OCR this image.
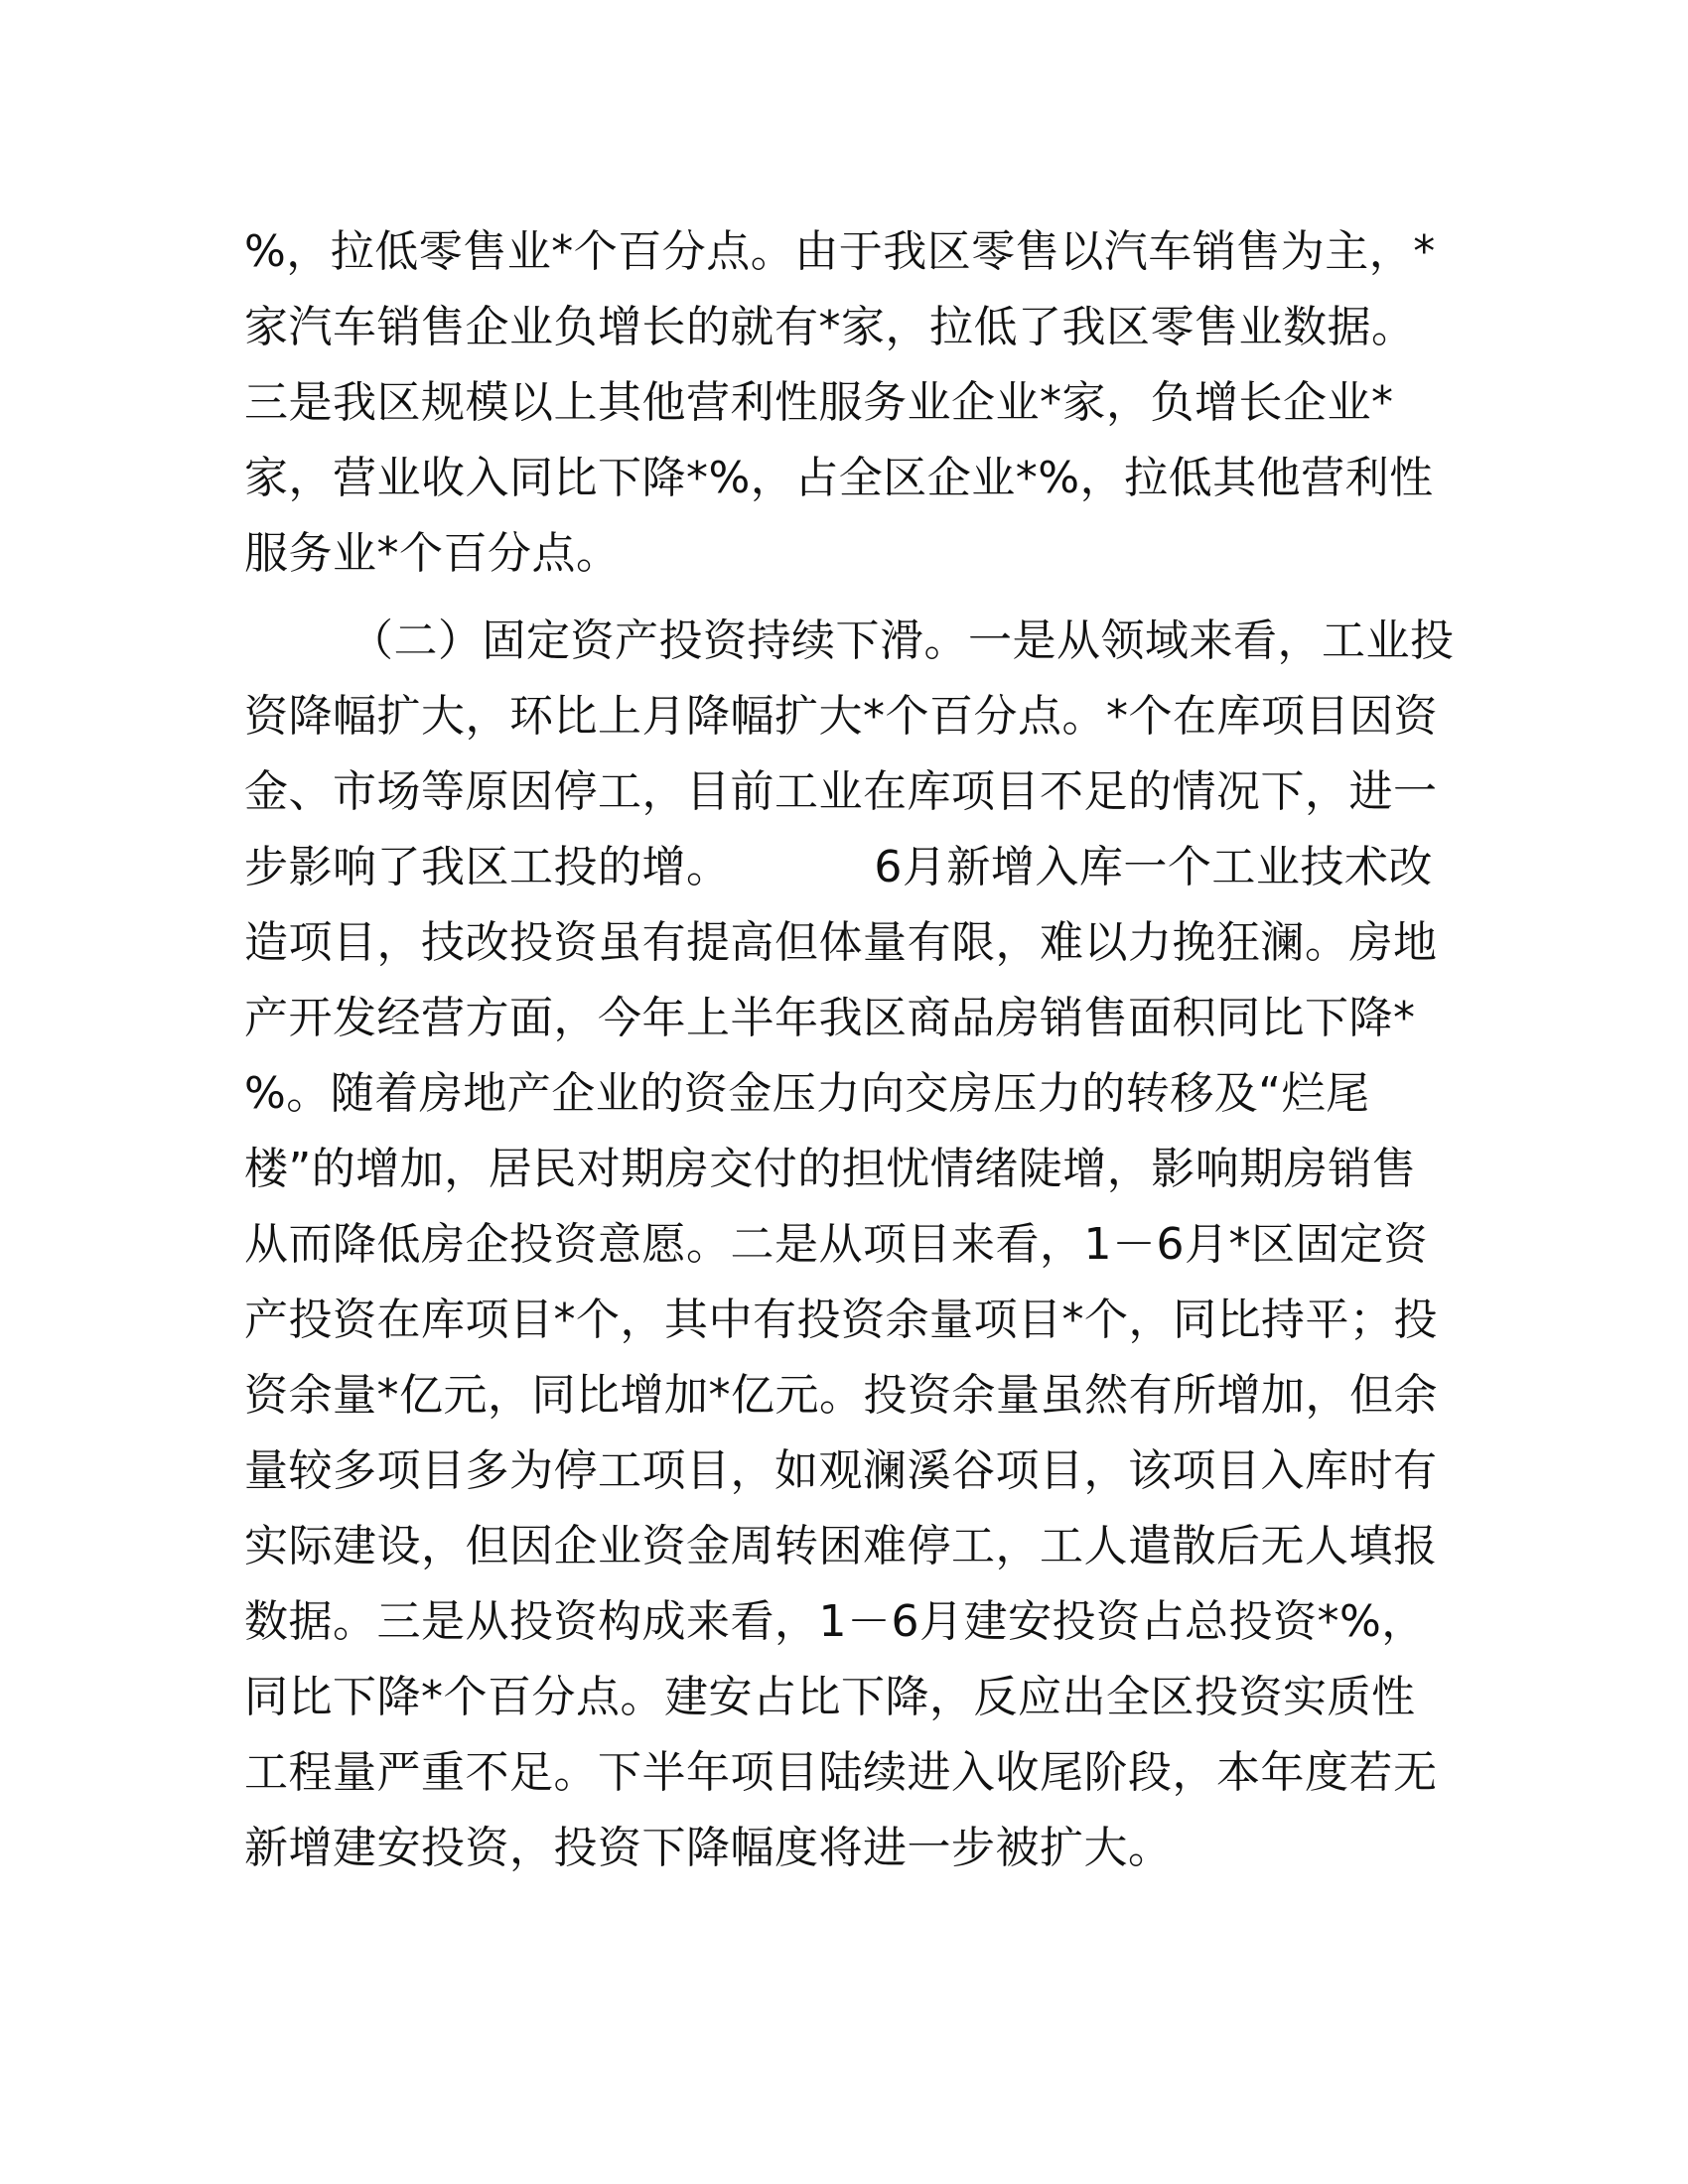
%，拉低零售业*个百分点。由于我区零售以汽车销售为主，*
家汽车销售企业负增长的就有*家，拉低了我区零售业数据。
三是我区规模以上其他营利性服务业企业*家，负增长企业*
家，营业收入同比下降*%，占全区企业*%，拉低其他营利性
服务业*个百分点。
（二）固定资产投资持续下滑。一是从领域来看，工业投
资降幅扩大，环比上月降幅扩大*个百分点。*个在库项目因资
金、市场等原因停工，目前工业在库项目不足的情况下，进一
步影响了我区工投的增。          6月新增入库一个工业技术改
造项目，技改投资虽有提高但体量有限，难以力挽狂澜。房地
产开发经营方面，今年上半年我区商品房销售面积同比下降*
%。随着房地产企业的资金压力向交房压力的转移及“烂尾
楼”的增加，居民对期房交付的担忧情绪陡增，影响期房销售
从而降低房企投资意愿。二是从项目来看，1－6月*区固定资
产投资在库项目*个，其中有投资余量项目*个，同比持平；投
资余量*亿元，同比增加*亿元。投资余量虽然有所增加，但余
量较多项目多为停工项目，如观澜溪谷项目，该项目入库时有
实际建设，但因企业资金周转困难停工，工人遣散后无人填报
数据。三是从投资构成来看，1－6月建安投资占总投资*%，
同比下降*个百分点。建安占比下降，反应出全区投资实质性
工程量严重不足。下半年项目陆续进入收尾阶段，本年度若无
新增建安投资，投资下降幅度将进一步被扩大。
